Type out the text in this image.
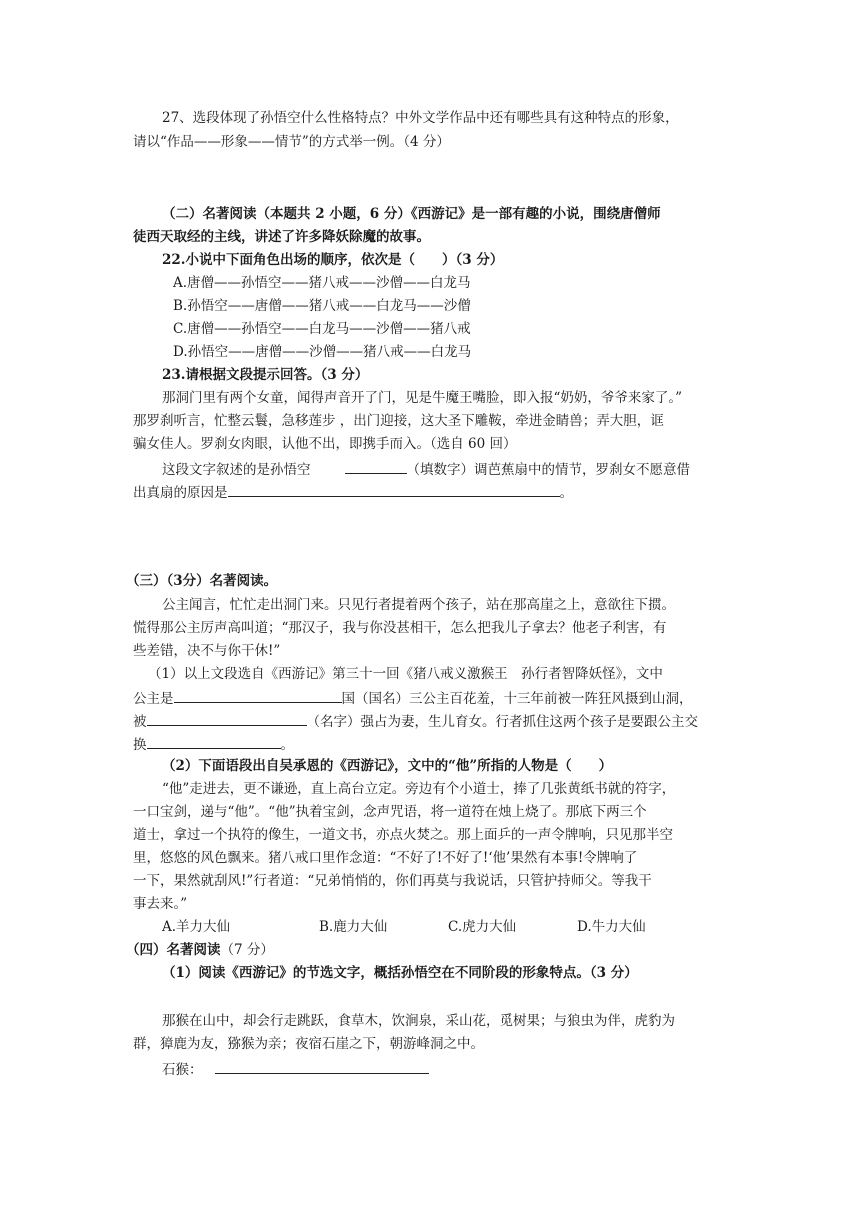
27、选段体现了孙悟空什么性格特点？中外文学作品中还有哪些具有这种特点的形象，
请以“作品——形象——情节”的方式举一例。（4 分）
（二）名著阅读（本题共 2 小题，6 分）《西游记》是一部有趣的小说，围绕唐僧师
徒西天取经的主线，讲述了许多降妖除魔的故事。
22.小说中下面角色出场的顺序，依次是（　　）（3 分）
A.唐僧——孙悟空——猪八戒——沙僧——白龙马
B.孙悟空——唐僧——猪八戒——白龙马——沙僧
C.唐僧——孙悟空——白龙马——沙僧——猪八戒
D.孙悟空——唐僧——沙僧——猪八戒——白龙马
23.请根据文段提示回答。（3 分）
那洞门里有两个女童，闻得声音开了门，见是牛魔王嘴脸，即入报“奶奶，爷爷来家了。”
那罗刹听言，忙整云鬟，急移莲步 ，出门迎接，这大圣下雕鞍，牵进金睛兽；弄大胆，诓
骗女佳人。罗刹女肉眼，认他不出，即携手而入。（选自 60 回）
这段文字叙述的是孙悟空	（填数字）调芭蕉扇中的情节，罗刹女不愿意借
出真扇的原因是	。
（三）（3分）名著阅读。
公主闻言，忙忙走出洞门来。只见行者提着两个孩子，站在那高崖之上，意欲往下掼。
慌得那公主厉声高叫道；“那汉子，我与你没甚相干，怎么把我儿子拿去？他老子利害，有
些差错，决不与你干休!”
（1）以上文段选自《西游记》第三十一回《猪八戒义激猴王　孙行者智降妖怪》，文中
公主是	国（国名）三公主百花羞，十三年前被一阵狂风摄到山洞，
被	（名字）强占为妻，生儿育女。行者抓住这两个孩子是要跟公主交
换	。
（2）下面语段出自吴承恩的《西游记》，文中的“他”所指的人物是（　　）
“他”走进去，更不谦逊，直上高台立定。旁边有个小道士，捧了几张黄纸书就的符字，
一口宝剑，递与“他”。“他”执着宝剑，念声咒语，将一道符在烛上烧了。那底下两三个
道士，拿过一个执符的像生，一道文书，亦点火焚之。那上面乒的一声令牌响，只见那半空
里，悠悠的风色飘来。猪八戒口里作念道：“不好了!不好了!‘他’果然有本事!令牌响了
一下，果然就刮风!”行者道：“兄弟悄悄的，你们再莫与我说话，只管护持师父。等我干
事去来。”
A.羊力大仙	B.鹿力大仙	C.虎力大仙	D.牛力大仙
（四）名著阅读（7 分）
（1）阅读《西游记》的节选文字，概括孙悟空在不同阶段的形象特点。（3 分）
那猴在山中，却会行走跳跃，食草木，饮涧泉，采山花，觅树果；与狼虫为伴，虎豹为
群，獐鹿为友，猕猴为亲；夜宿石崖之下，朝游峰洞之中。
石猴：
